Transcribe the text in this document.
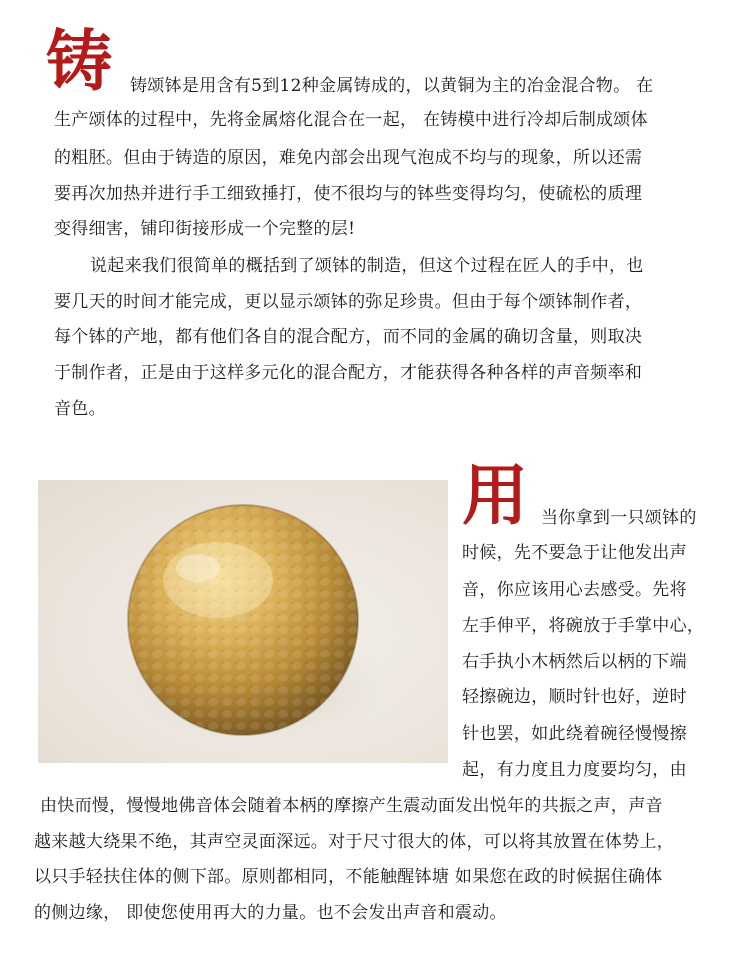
铸 铸颂钵是用含有5到12种金属铸成的，以黄铜为主的冶金混合物。 在
生产颂体的过程中，先将金属熔化混合在一起， 在铸模中进行冷却后制成颂体
的粗胚。但由于铸造的原因，难免内部会出现气泡成不均与的现象，所以还需
要再次加热并进行手工细致捶打，使不很均与的钵些变得均匀，使硫松的质理
变得细害，铺印街接形成一个完整的层!
说起来我们很简单的概括到了颂钵的制造，但这个过程在匠人的手中，也
要几天的时间才能完成，更以显示颂钵的弥足珍贵。但由于每个颂钵制作者，
每个钵的产地，都有他们各自的混合配方，而不同的金属的确切含量，则取决
于制作者，正是由于这样多元化的混合配方，才能获得各种各样的声音频率和
音色。
用 当你拿到一只颂钵的
时候，先不要急于让他发出声
音，你应该用心去感受。先将
左手伸平，将碗放于手掌中心，
右手执小木柄然后以柄的下端
轻擦碗边，顺时针也好，逆时
针也罢，如此绕着碗径慢慢擦
起，有力度且力度要均匀，由
由快而慢，慢慢地佛音体会随着本柄的摩擦产生震动面发出悦年的共振之声，声音
越来越大绕果不绝，其声空灵面深远。对于尺寸很大的体，可以将其放置在体势上，
以只手轻扶住体的侧下部。原则都相同，不能触醒钵塘 如果您在政的时候据住确体
的侧边缘， 即使您使用再大的力量。也不会发出声音和震动。
